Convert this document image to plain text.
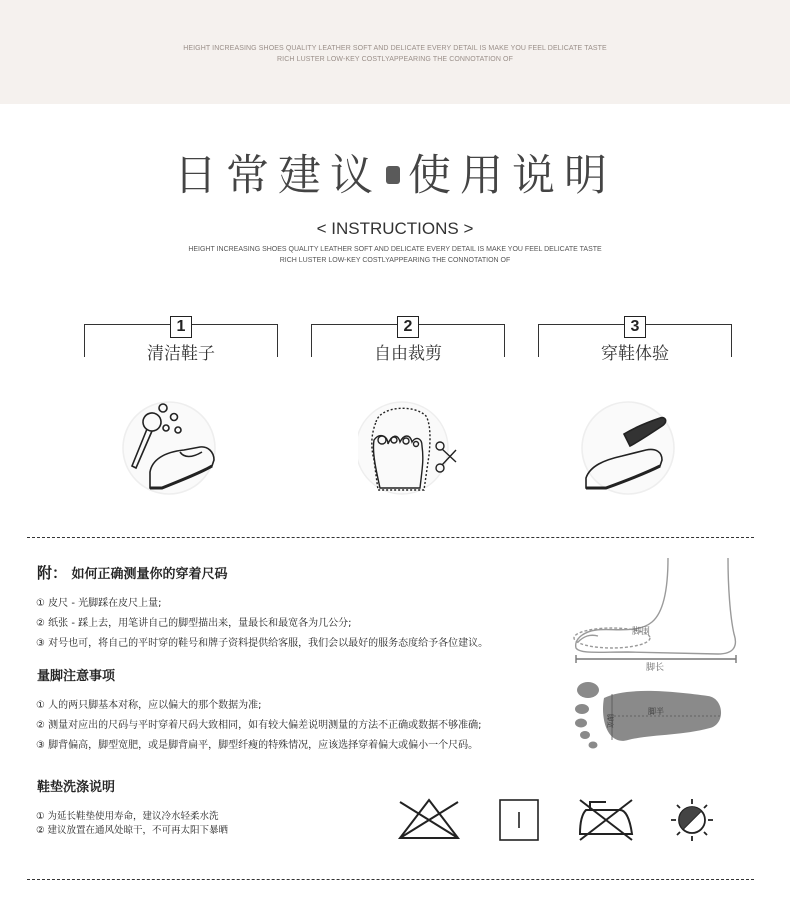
HEIGHT INCREASING SHOES QUALITY LEATHER SOFT AND DELICATE EVERY DETAIL IS MAKE YOU FEEL DELICATE TASTE
RICH LUSTER LOW-KEY COSTLYAPPEARING THE CONNOTATION OF
日常建议 使用说明
< INSTRUCTIONS >
HEIGHT INCREASING SHOES QUALITY LEATHER SOFT AND DELICATE EVERY DETAIL IS MAKE YOU FEEL DELICATE TASTE
RICH LUSTER LOW-KEY COSTLYAPPEARING THE CONNOTATION OF
1
清洁鞋子
2
自由裁剪
3
穿鞋体验
附： 如何正确测量你的穿着尺码
① 皮尺 - 光脚踩在皮尺上量;
② 纸张 - 踩上去，用笔讲自己的脚型描出来，量最长和最宽各为几公分;
③ 对号也可，将自己的平时穿的鞋号和牌子资料提供给客服，我们会以最好的服务态度给予各位建议。
量脚注意事项
① 人的两只脚基本对称，应以偏大的那个数据为准;
② 测量对应出的尺码与平时穿着尺码大致相同，如有较大偏差说明测量的方法不正确或数据不够准确;
③ 脚背偏高，脚型宽肥，或是脚背扁平，脚型纤瘦的特殊情况，应该选择穿着偏大或偏小一个尺码。
鞋垫洗涤说明
① 为延长鞋垫使用寿命，建议冷水轻柔水洗
② 建议放置在通风处晾干，不可再太阳下暴晒
脚围
脚长
脚宽
脚半
